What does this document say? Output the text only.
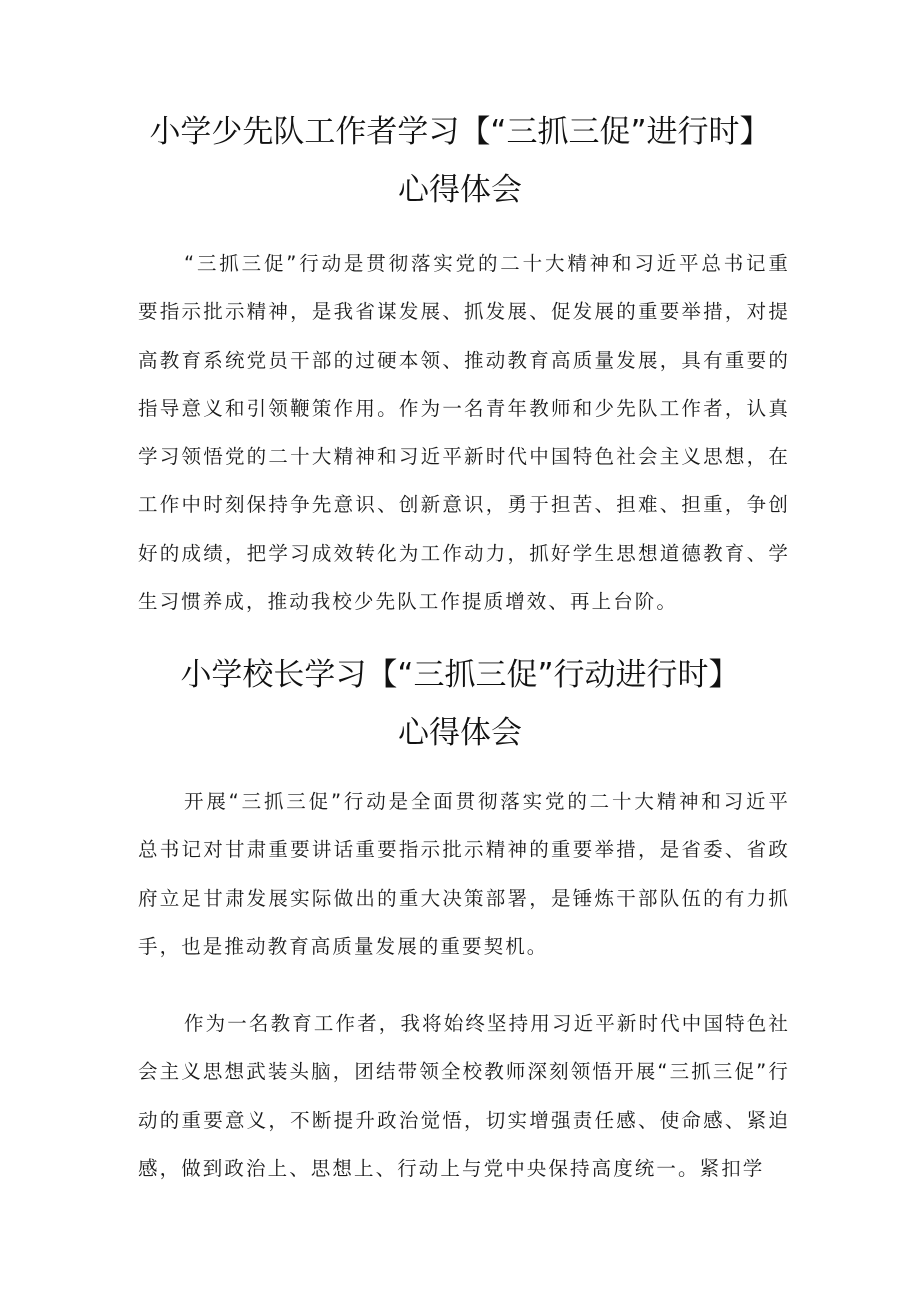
小学少先队工作者学习【“三抓三促”进行时】
心得体会

“三抓三促”行动是贯彻落实党的二十大精神和习近平总书记重要指示批示精神，是我省谋发展、抓发展、促发展的重要举措，对提高教育系统党员干部的过硬本领、推动教育高质量发展，具有重要的指导意义和引领鞭策作用。作为一名青年教师和少先队工作者，认真学习领悟党的二十大精神和习近平新时代中国特色社会主义思想，在工作中时刻保持争先意识、创新意识，勇于担苦、担难、担重，争创好的成绩，把学习成效转化为工作动力，抓好学生思想道德教育、学生习惯养成，推动我校少先队工作提质增效、再上台阶。

小学校长学习【“三抓三促”行动进行时】
心得体会

开展“三抓三促”行动是全面贯彻落实党的二十大精神和习近平总书记对甘肃重要讲话重要指示批示精神的重要举措，是省委、省政府立足甘肃发展实际做出的重大决策部署，是锤炼干部队伍的有力抓手，也是推动教育高质量发展的重要契机。

作为一名教育工作者，我将始终坚持用习近平新时代中国特色社会主义思想武装头脑，团结带领全校教师深刻领悟开展“三抓三促”行动的重要意义，不断提升政治觉悟，切实增强责任感、使命感、紧迫感，做到政治上、思想上、行动上与党中央保持高度统一。紧扣学
